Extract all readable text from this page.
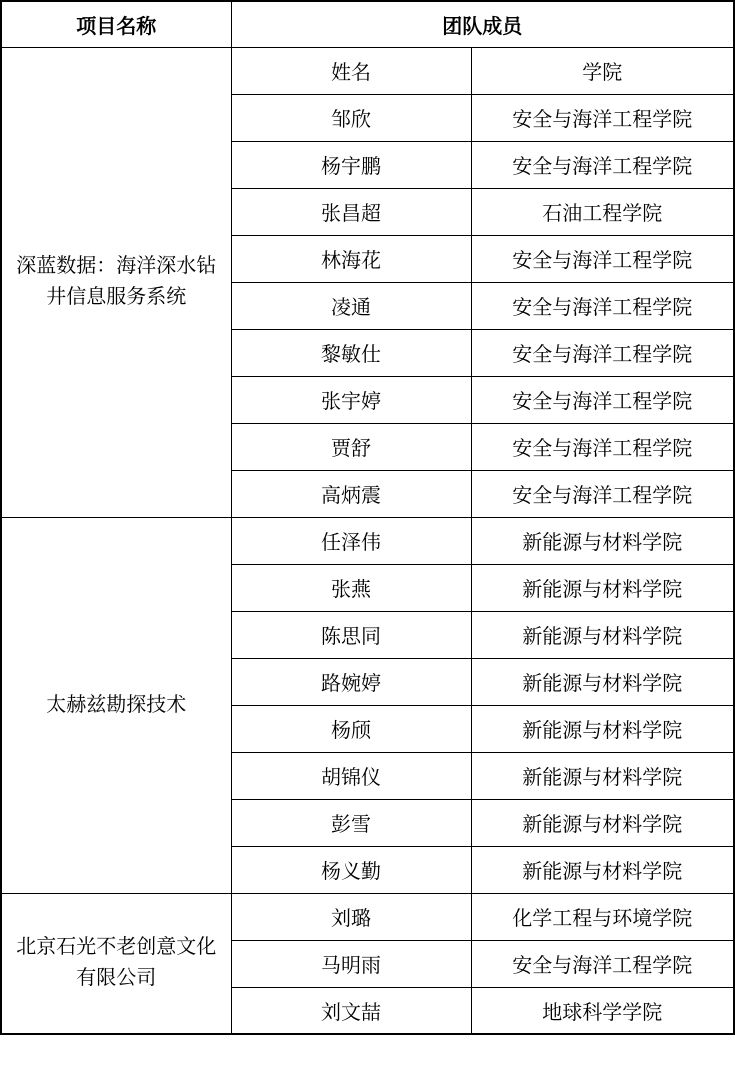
项目名称	团队成员	
深蓝数据：海洋深水钻井信息服务系统	姓名	学院
	邹欣	安全与海洋工程学院
	杨宇鹏	安全与海洋工程学院
	张昌超	石油工程学院
	林海花	安全与海洋工程学院
	凌通	安全与海洋工程学院
	黎敏仕	安全与海洋工程学院
	张宇婷	安全与海洋工程学院
	贾舒	安全与海洋工程学院
	高炳震	安全与海洋工程学院
太赫兹勘探技术	任泽伟	新能源与材料学院
	张燕	新能源与材料学院
	陈思同	新能源与材料学院
	路婉婷	新能源与材料学院
	杨颀	新能源与材料学院
	胡锦仪	新能源与材料学院
	彭雪	新能源与材料学院
	杨义勤	新能源与材料学院
北京石光不老创意文化有限公司	刘璐	化学工程与环境学院
	马明雨	安全与海洋工程学院
	刘文喆	地球科学学院
